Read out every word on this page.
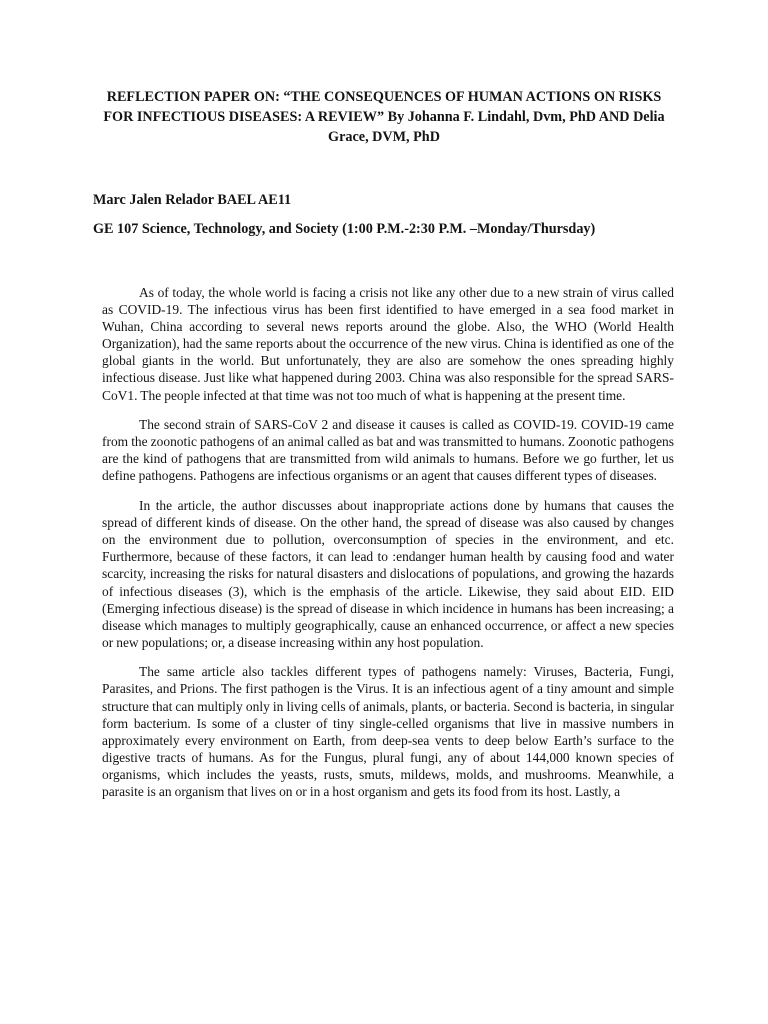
REFLECTION PAPER ON: “THE CONSEQUENCES OF HUMAN ACTIONS ON RISKS FOR INFECTIOUS DISEASES: A REVIEW” By Johanna F. Lindahl, Dvm, PhD AND Delia Grace, DVM, PhD

Marc Jalen Relador BAEL AE11

GE 107 Science, Technology, and Society (1:00 P.M.-2:30 P.M. –Monday/Thursday)

As of today, the whole world is facing a crisis not like any other due to a new strain of virus called as COVID-19. The infectious virus has been first identified to have emerged in a sea food market in Wuhan, China according to several news reports around the globe. Also, the WHO (World Health Organization), had the same reports about the occurrence of the new virus. China is identified as one of the global giants in the world. But unfortunately, they are also are somehow the ones spreading highly infectious disease. Just like what happened during 2003. China was also responsible for the spread SARS-CoV1. The people infected at that time was not too much of what is happening at the present time.

The second strain of SARS-CoV 2 and disease it causes is called as COVID-19. COVID-19 came from the zoonotic pathogens of an animal called as bat and was transmitted to humans. Zoonotic pathogens are the kind of pathogens that are transmitted from wild animals to humans. Before we go further, let us define pathogens. Pathogens are infectious organisms or an agent that causes different types of diseases.

In the article, the author discusses about inappropriate actions done by humans that causes the spread of different kinds of disease. On the other hand, the spread of disease was also caused by changes on the environment due to pollution, overconsumption of species in the environment, and etc. Furthermore, because of these factors, it can lead to :endanger human health by causing food and water scarcity, increasing the risks for natural disasters and dislocations of populations, and growing the hazards of infectious diseases (3), which is the emphasis of the article. Likewise, they said about EID. EID (Emerging infectious disease) is the spread of disease in which incidence in humans has been increasing; a disease which manages to multiply geographically, cause an enhanced occurrence, or affect a new species or new populations; or, a disease increasing within any host population.

The same article also tackles different types of pathogens namely: Viruses, Bacteria, Fungi, Parasites, and Prions. The first pathogen is the Virus. It is an infectious agent of a tiny amount and simple structure that can multiply only in living cells of animals, plants, or bacteria. Second is bacteria, in singular form bacterium. Is some of a cluster of tiny single-celled organisms that live in massive numbers in approximately every environment on Earth, from deep-sea vents to deep below Earth’s surface to the digestive tracts of humans. As for the Fungus, plural fungi, any of about 144,000 known species of organisms, which includes the yeasts, rusts, smuts, mildews, molds, and mushrooms. Meanwhile, a parasite is an organism that lives on or in a host organism and gets its food from its host. Lastly, a
